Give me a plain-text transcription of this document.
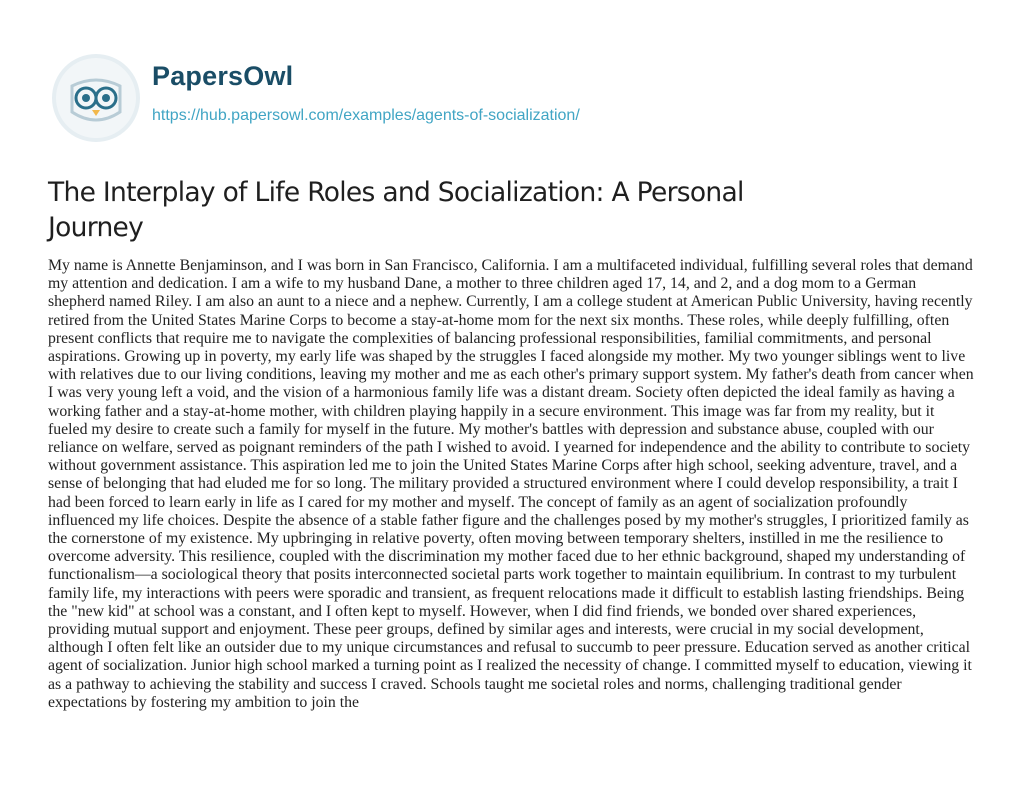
PapersOwl
https://hub.papersowl.com/examples/agents-of-socialization/
The Interplay of Life Roles and Socialization: A Personal Journey

My name is Annette Benjaminson, and I was born in San Francisco, California. I am a multifaceted individual, fulfilling several roles that demand my attention and dedication. I am a wife to my husband Dane, a mother to three children aged 17, 14, and 2, and a dog mom to a German shepherd named Riley. I am also an aunt to a niece and a nephew. Currently, I am a college student at American Public University, having recently retired from the United States Marine Corps to become a stay-at-home mom for the next six months. These roles, while deeply fulfilling, often present conflicts that require me to navigate the complexities of balancing professional responsibilities, familial commitments, and personal aspirations. Growing up in poverty, my early life was shaped by the struggles I faced alongside my mother. My two younger siblings went to live with relatives due to our living conditions, leaving my mother and me as each other's primary support system. My father's death from cancer when I was very young left a void, and the vision of a harmonious family life was a distant dream. Society often depicted the ideal family as having a working father and a stay-at-home mother, with children playing happily in a secure environment. This image was far from my reality, but it fueled my desire to create such a family for myself in the future. My mother's battles with depression and substance abuse, coupled with our reliance on welfare, served as poignant reminders of the path I wished to avoid. I yearned for independence and the ability to contribute to society without government assistance. This aspiration led me to join the United States Marine Corps after high school, seeking adventure, travel, and a sense of belonging that had eluded me for so long. The military provided a structured environment where I could develop responsibility, a trait I had been forced to learn early in life as I cared for my mother and myself. The concept of family as an agent of socialization profoundly influenced my life choices. Despite the absence of a stable father figure and the challenges posed by my mother's struggles, I prioritized family as the cornerstone of my existence. My upbringing in relative poverty, often moving between temporary shelters, instilled in me the resilience to overcome adversity. This resilience, coupled with the discrimination my mother faced due to her ethnic background, shaped my understanding of functionalism—a sociological theory that posits interconnected societal parts work together to maintain equilibrium. In contrast to my turbulent family life, my interactions with peers were sporadic and transient, as frequent relocations made it difficult to establish lasting friendships. Being the "new kid" at school was a constant, and I often kept to myself. However, when I did find friends, we bonded over shared experiences, providing mutual support and enjoyment. These peer groups, defined by similar ages and interests, were crucial in my social development, although I often felt like an outsider due to my unique circumstances and refusal to succumb to peer pressure. Education served as another critical agent of socialization. Junior high school marked a turning point as I realized the necessity of change. I committed myself to education, viewing it as a pathway to achieving the stability and success I craved. Schools taught me societal roles and norms, challenging traditional gender expectations by fostering my ambition to join the
